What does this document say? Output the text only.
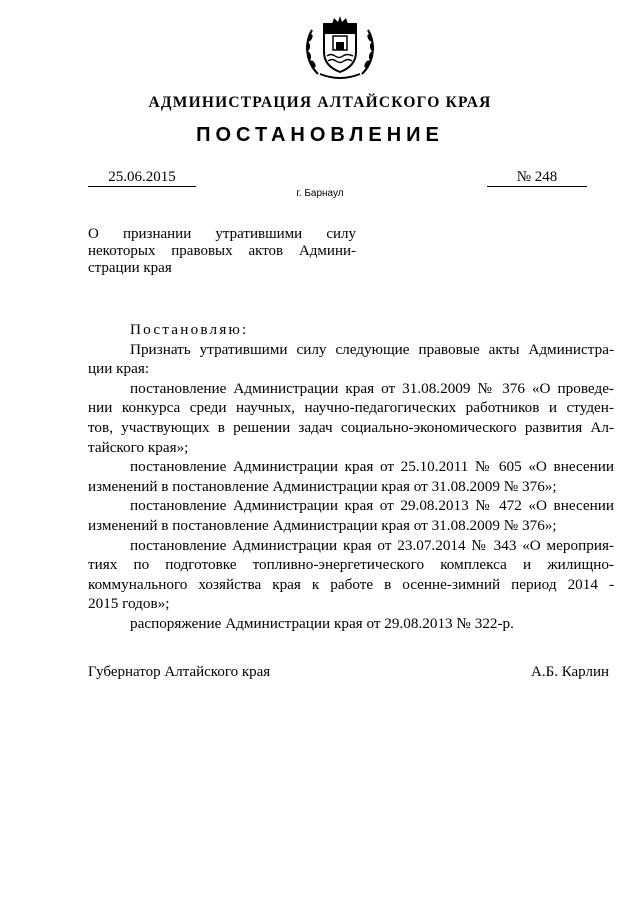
АДМИНИСТРАЦИЯ АЛТАЙСКОГО КРАЯ
ПОСТАНОВЛЕНИЕ
25.06.2015	№ 248
г. Барнаул
О признании утратившими силу
некоторых правовых актов Админи-
страции края
Постановляю:
Признать утратившими силу следующие правовые акты Администра-
ции края:
постановление Администрации края от 31.08.2009 № 376 «О проведе-
нии конкурса среди научных, научно-педагогических работников и студен-
тов, участвующих в решении задач социально-экономического развития Ал-
тайского края»;
постановление Администрации края от 25.10.2011 № 605 «О внесении
изменений в постановление Администрации края от 31.08.2009 № 376»;
постановление Администрации края от 29.08.2013 № 472 «О внесении
изменений в постановление Администрации края от 31.08.2009 № 376»;
постановление Администрации края от 23.07.2014 № 343 «О мероприя-
тиях по подготовке топливно-энергетического комплекса и жилищно-
коммунального хозяйства края к работе в осенне-зимний период 2014 -
2015 годов»;
распоряжение Администрации края от 29.08.2013 № 322-р.
Губернатор Алтайского края	А.Б. Карлин
